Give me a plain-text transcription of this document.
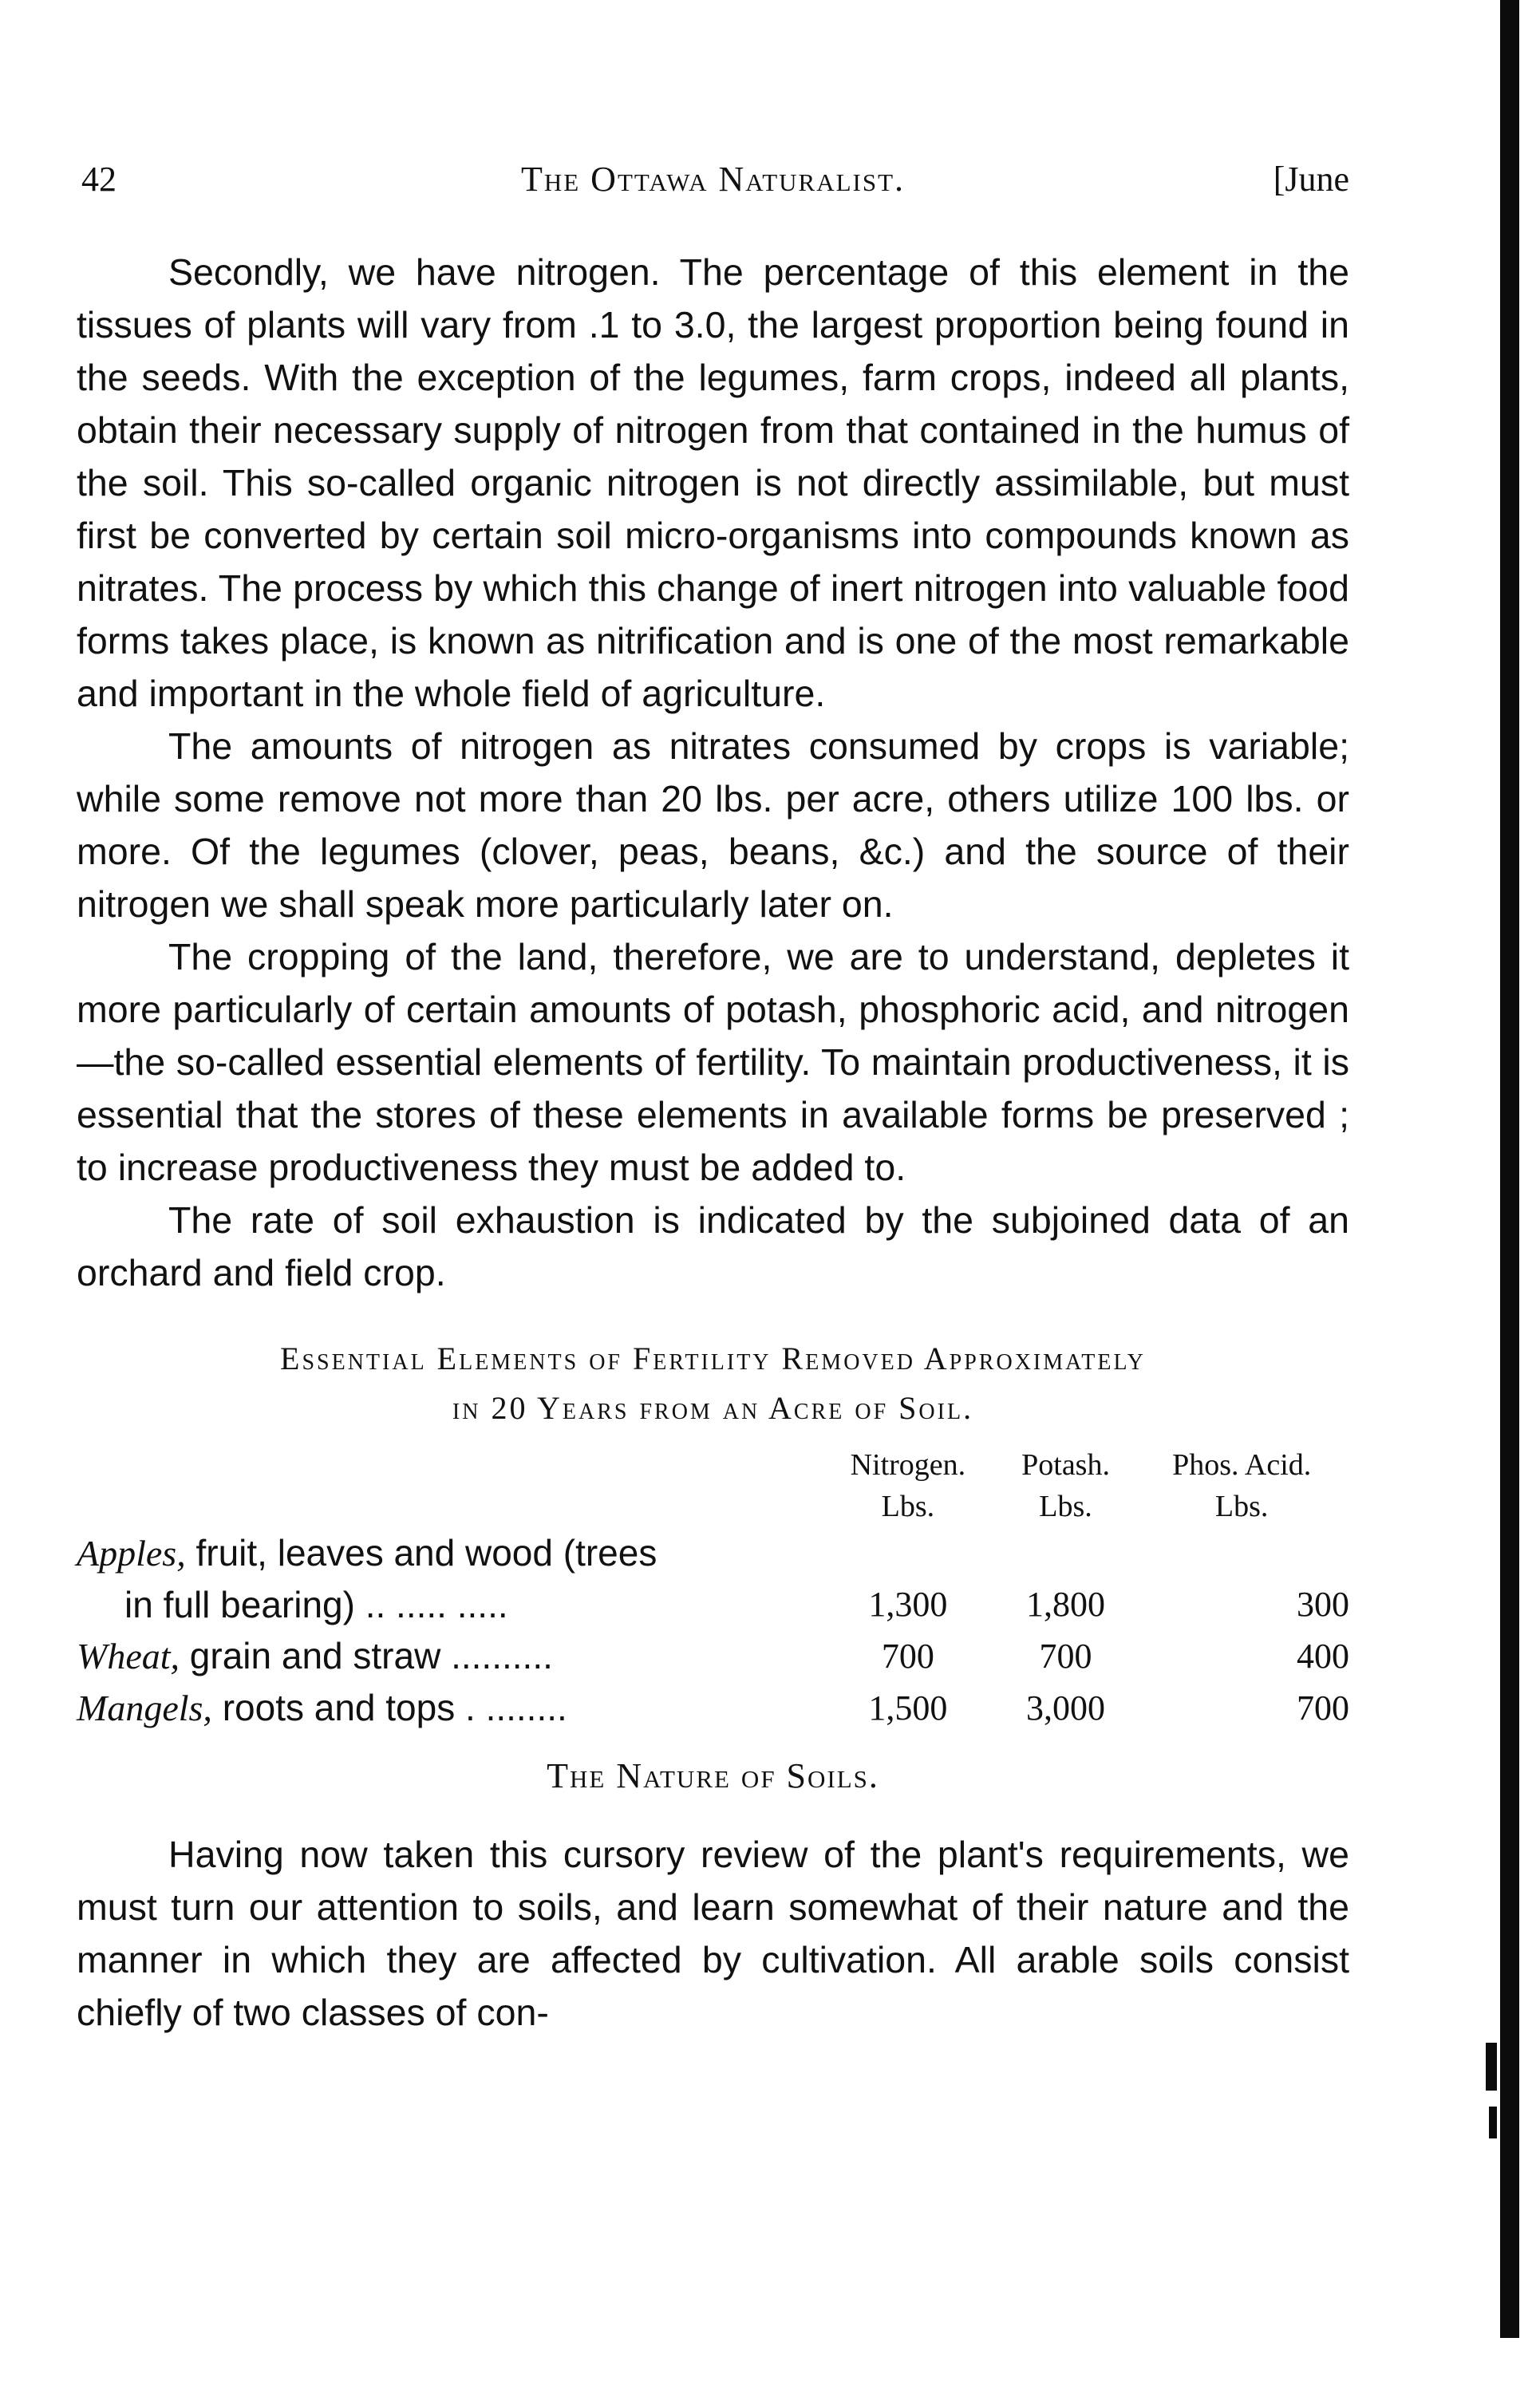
42	The Ottawa Naturalist.	[June

Secondly, we have nitrogen. The percentage of this element in the tissues of plants will vary from .1 to 3.0, the largest proportion being found in the seeds. With the exception of the legumes, farm crops, indeed all plants, obtain their necessary supply of nitrogen from that contained in the humus of the soil. This so-called organic nitrogen is not directly assimilable, but must first be converted by certain soil micro-organisms into compounds known as nitrates. The process by which this change of inert nitrogen into valuable food forms takes place, is known as nitrification and is one of the most remarkable and important in the whole field of agriculture.

The amounts of nitrogen as nitrates consumed by crops is variable; while some remove not more than 20 lbs. per acre, others utilize 100 lbs. or more. Of the legumes (clover, peas, beans, &c.) and the source of their nitrogen we shall speak more particularly later on.

The cropping of the land, therefore, we are to understand, depletes it more particularly of certain amounts of potash, phosphoric acid, and nitrogen—the so-called essential elements of fertility. To maintain productiveness, it is essential that the stores of these elements in available forms be preserved ; to increase productiveness they must be added to.

The rate of soil exhaustion is indicated by the subjoined data of an orchard and field crop.

Essential Elements of Fertility Removed Approximately
in 20 Years from an Acre of Soil.
	Nitrogen.	Potash.	Phos. Acid.
	Lbs.	Lbs.	Lbs.
Apples, fruit, leaves and wood (trees
in full bearing) .. ..... .....	1,300	1,800	300
Wheat, grain and straw ..........	700	700	400
Mangels, roots and tops . ........	1,500	3,000	700
The Nature of Soils.

Having now taken this cursory review of the plant's requirements, we must turn our attention to soils, and learn somewhat of their nature and the manner in which they are affected by cultivation. All arable soils consist chiefly of two classes of con-
